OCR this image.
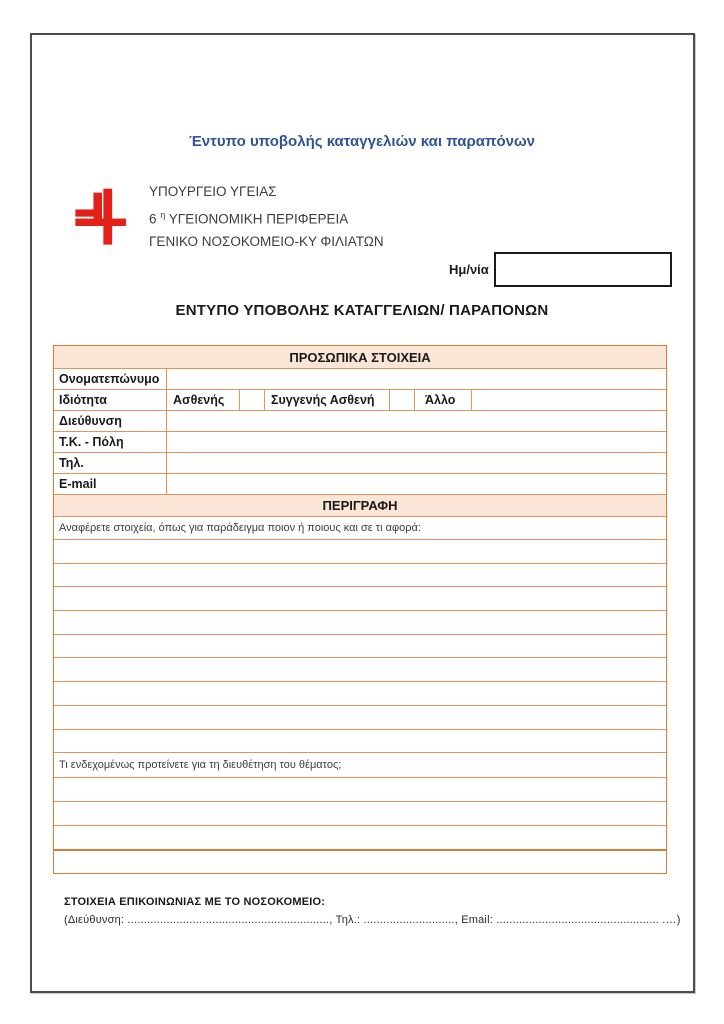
Έντυπο υποβολής καταγγελιών και παραπόνων
ΥΠΟΥΡΓΕΙΟ ΥΓΕΙΑΣ
6 $^\eta$ ΥΓΕΙΟΝΟΜΙΚΗ ΠΕΡΙΦΕΡΕΙΑ
ΓΕΝΙΚΟ ΝΟΣΟΚΟΜΕΙΟ-ΚΥ ΦΙΛΙΑΤΩΝ
Ημ/νία
ΕΝΤΥΠΟ ΥΠΟΒΟΛΗΣ ΚΑΤΑΓΓΕΛΙΩΝ/ ΠΑΡΑΠΟΝΩΝ
ΠΡΟΣΩΠΙΚΑ ΣΤΟΙΧΕΙΑ
Ονοματεπώνυμο
Ιδιότητα	Ασθενής	Συγγενής Ασθενή	Άλλο
Διεύθυνση
Τ.Κ. - Πόλη
Τηλ.
E-mail
ΠΕΡΙΓΡΑΦΗ
Αναφέρετε στοιχεία, όπως για παράδειγμα ποιον ή ποιους και σε τι αφορά:
Τι ενδεχομένως προτείνετε για τη διευθέτηση του θέματος;
ΣΤΟΙΧΕΙΑ ΕΠΙΚΟΙΝΩΝΙΑΣ ΜΕ ΤΟ ΝΟΣΟΚΟΜΕΙΟ:
(Διεύθυνση: .............................................................., Τηλ.: ............................, Email: .................................................. .…)
